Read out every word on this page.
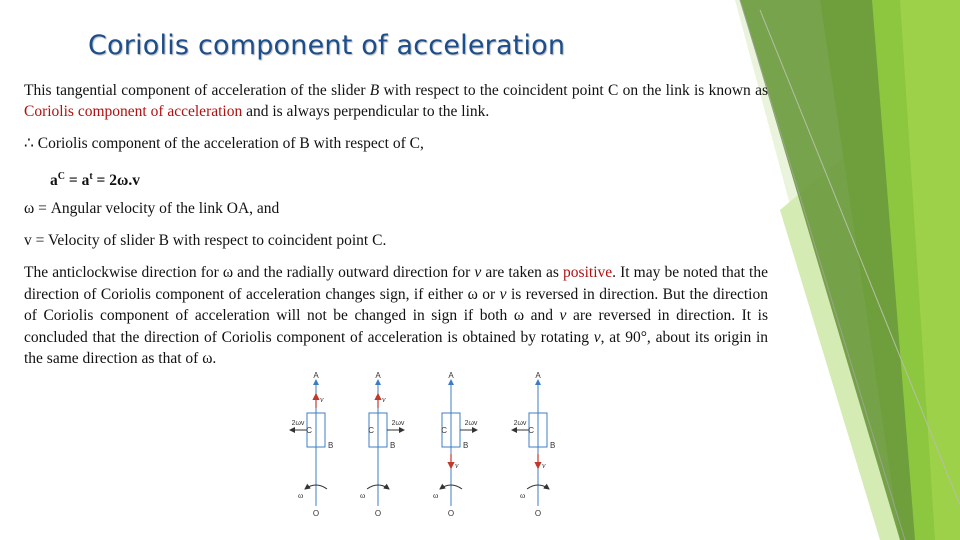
Coriolis component of acceleration

This tangential component of acceleration of the slider B with respect to the coincident point C on the link is known as Coriolis component of acceleration and is always perpendicular to the link.

∴ Coriolis component of the acceleration of B with respect of C,

$a^C = a^t = 2\omega.v$

ω = Angular velocity of the link OA, and

v = Velocity of slider B with respect to coincident point C.

The anticlockwise direction for ω and the radially outward direction for v are taken as positive. It may be noted that the direction of Coriolis component of acceleration changes sign, if either ω or v is reversed in direction. But the direction of Coriolis component of acceleration will not be changed in sign if both ω and v are reversed in direction. It is concluded that the direction of Coriolis component of acceleration is obtained by rotating v, at 90°, about its origin in the same direction as that of ω.

A
C
B
v
2ωv
ω
O
A
C
B
v
2ωv
ω
O
A
C
B
v
2ωv
ω
O
A
C
B
v
2ωv
ω
O
